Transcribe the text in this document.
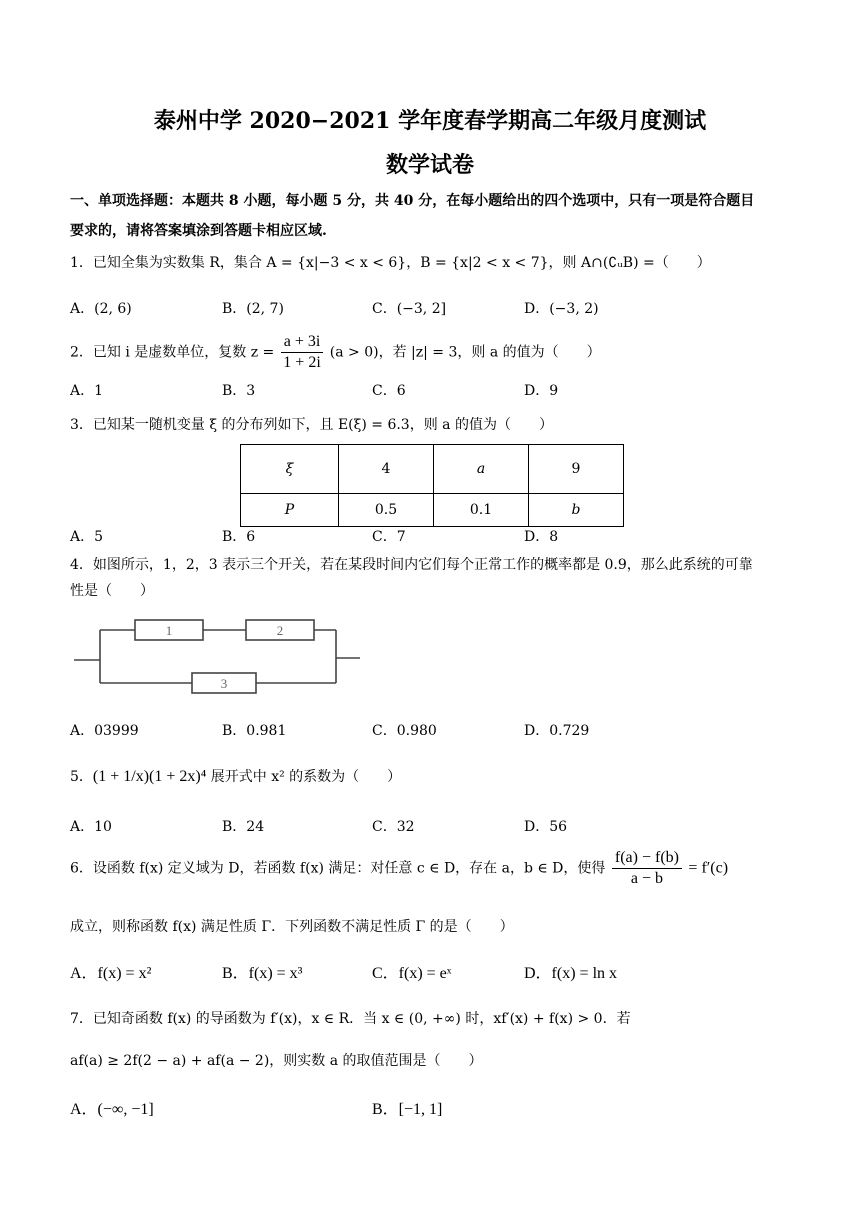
泰州中学 2020−2021 学年度春学期高二年级月度测试
数学试卷
一、单项选择题：本题共 8 小题，每小题 5 分，共 40 分，在每小题给出的四个选项中，只有一项是符合题目
要求的，请将答案填涂到答题卡相应区域.
1．已知全集为实数集 R，集合 A = {x|−3 < x < 6}，B = {x|2 < x < 7}，则 A∩(∁ᵤB) =（　　）
A．(2, 6)	B．(2, 7)	C．(−3, 2]	D．(−3, 2)
2．已知 i 是虚数单位，复数 $z = \frac{a + 3i}{1 + 2i} (a > 0)$，若 |z| = 3，则 a 的值为（　　）
A．1	B．3	C．6	D．9
3．已知某一随机变量 ξ 的分布列如下，且 E(ξ) = 6.3，则 a 的值为（　　）
ξ	4	a	9
P	0.5	0.1	b
A．5	B．6	C．7	D．8
4．如图所示，1，2，3 表示三个开关，若在某段时间内它们每个正常工作的概率都是 0.9，那么此系统的可靠
性是（　　）
1	2
3
A．03999	B．0.981	C．0.980	D．0.729
5．(1 + 1/x)(1 + 2x)⁴ 展开式中 x² 的系数为（　　）
A．10	B．24	C．32	D．56
6．设函数 f(x) 定义域为 D，若函数 f(x) 满足：对任意 c ∈ D，存在 a，b ∈ D，使得 $\frac{f(a) - f(b)}{a - b} = f'(c)$
成立，则称函数 f(x) 满足性质 Γ．下列函数不满足性质 Γ 的是（　　）
A．f(x) = x²	B．f(x) = x³	C．f(x) = eˣ	D．f(x) = ln x
7．已知奇函数 f(x) 的导函数为 f′(x)，x ∈ R．当 x ∈ (0, +∞) 时，xf′(x) + f(x) > 0．若
af(a) ≥ 2f(2 − a) + af(a − 2)，则实数 a 的取值范围是（　　）
A．(−∞, −1]	B．[−1, 1]
